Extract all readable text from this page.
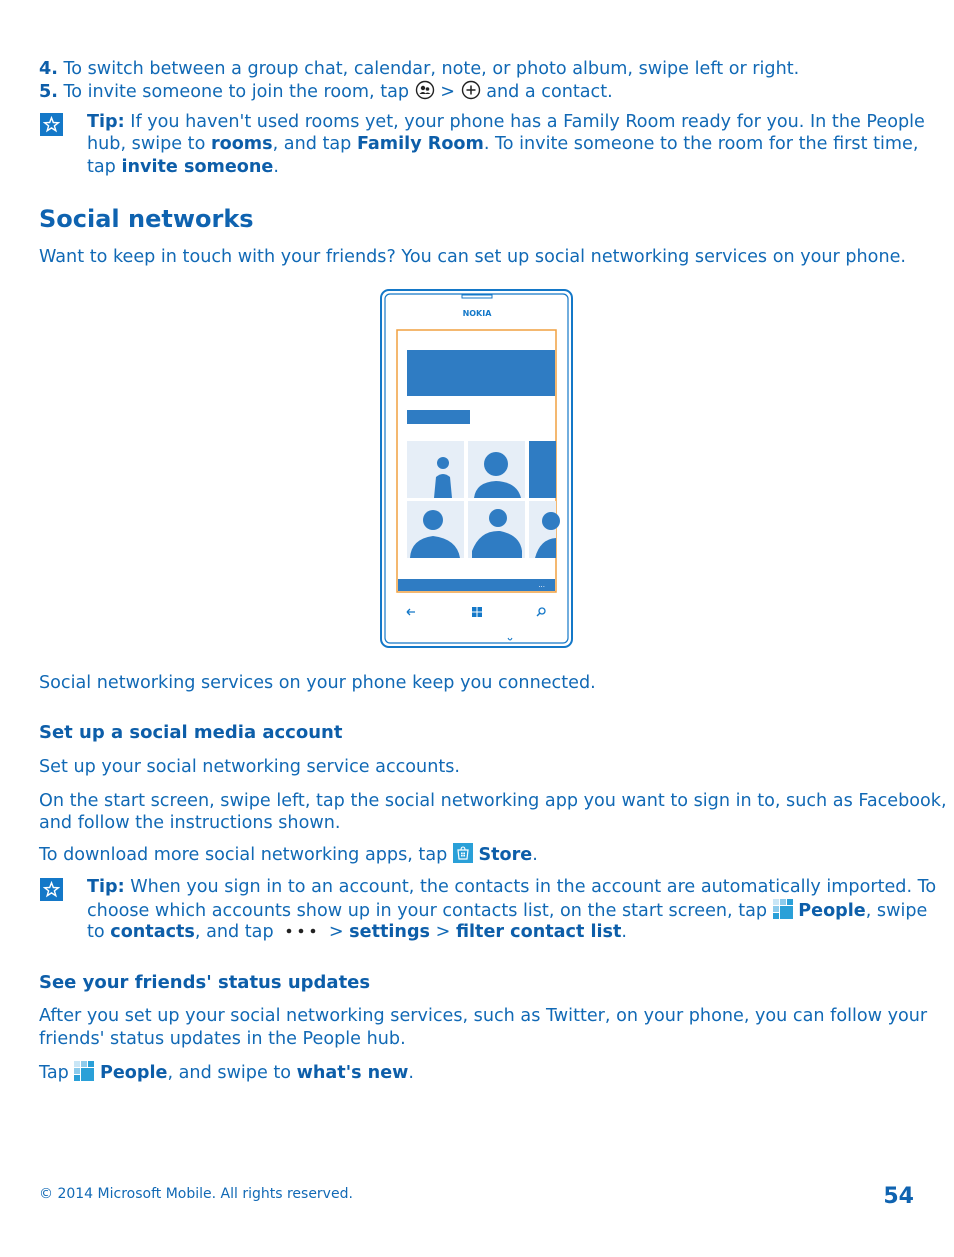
4. To switch between a group chat, calendar, note, or photo album, swipe left or right.

5. To invite someone to join the room, tap > and a contact.

Tip: If you haven't used rooms yet, your phone has a Family Room ready for you. In the People

hub, swipe to rooms, and tap Family Room. To invite someone to the room for the first time,

tap invite someone.

Social networks

Want to keep in touch with your friends? You can set up social networking services on your phone.

NOKIA
...

Social networking services on your phone keep you connected.

Set up a social media account

Set up your social networking service accounts.

On the start screen, swipe left, tap the social networking app you want to sign in to, such as Facebook,

and follow the instructions shown.

To download more social networking apps, tap Store.

Tip: When you sign in to an account, the contacts in the account are automatically imported. To

choose which accounts show up in your contacts list, on the start screen, tap People, swipe

to contacts, and tap	> settings > filter contact list.

See your friends' status updates

After you set up your social networking services, such as Twitter, on your phone, you can follow your

friends' status updates in the People hub.

Tap People, and swipe to what's new.

© 2014 Microsoft Mobile. All rights reserved.	54
